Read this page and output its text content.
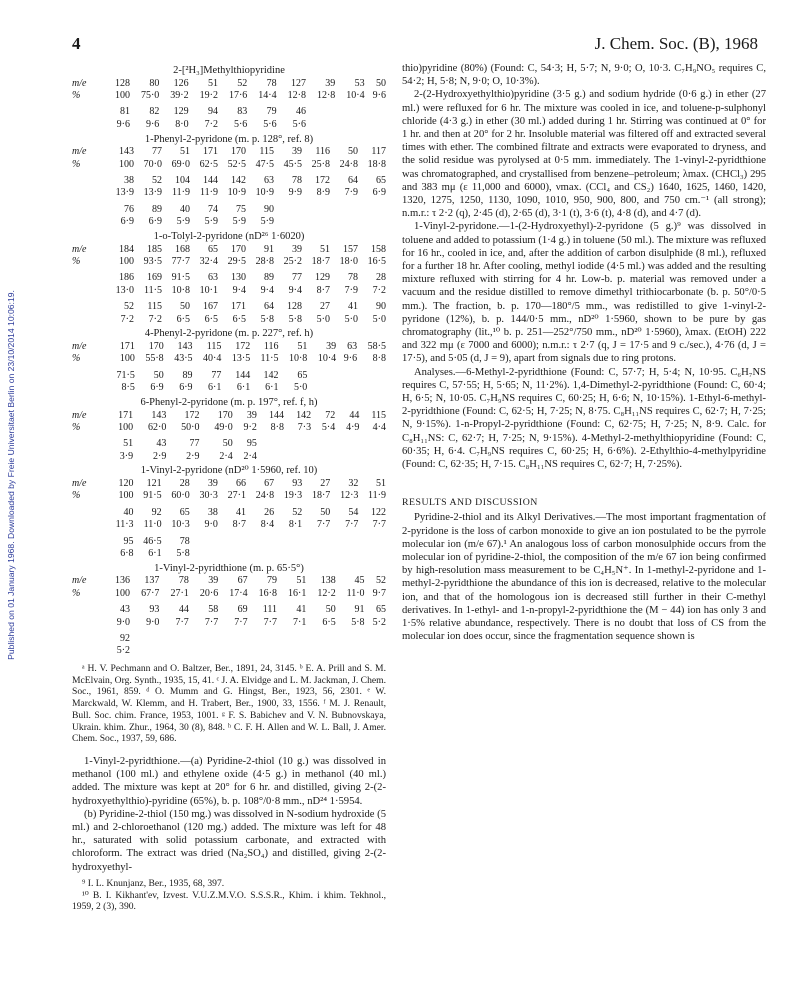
Published on 01 January 1968. Downloaded by Freie Universitaet Berlin on 23/10/2014 10:06:19.
4	J. Chem. Soc. (B), 1968
2-[²H₃]Methylthiopyridine
m/e	128	80	126	51	52	78	127	39	53	50
%	100	75·0	39·2	19·2	17·6	14·4	12·8	12·8	10·4	9·6

	81	82	129	94	83	79	46			
	9·6	9·6	8·0	7·2	5·6	5·6	5·6			
1-Phenyl-2-pyridone (m. p. 128°, ref. 8)
m/e	143	77	51	171	170	115	39	116	50	117
%	100	70·0	69·0	62·5	52·5	47·5	45·5	25·8	24·8	18·8

	38	52	104	144	142	63	78	172	64	65
	13·9	13·9	11·9	11·9	10·9	10·9	9·9	8·9	7·9	6·9

	76	89	40	74	75	90				
	6·9	6·9	5·9	5·9	5·9	5·9				
1-o-Tolyl-2-pyridone (nD²⁶ 1·6020)
m/e	184	185	168	65	170	91	39	51	157	158
%	100	93·5	77·7	32·4	29·5	28·8	25·2	18·7	18·0	16·5

	186	169	91·5	63	130	89	77	129	78	28
	13·0	11·5	10·8	10·1	9·4	9·4	9·4	8·7	7·9	7·2

	52	115	50	167	171	64	128	27	41	90
	7·2	7·2	6·5	6·5	6·5	5·8	5·8	5·0	5·0	5·0
4-Phenyl-2-pyridone (m. p. 227°, ref. h)
m/e	171	170	143	115	172	116	51	39	63	58·5
%	100	55·8	43·5	40·4	13·5	11·5	10·8	10·4	9·6	8·8

	71·5	50	89	77	144	142	65			
	8·5	6·9	6·9	6·1	6·1	6·1	5·0			
6-Phenyl-2-pyridone (m. p. 197°, ref. f, h)
m/e	171	143	172	170	39	144	142	72	44	115
%	100	62·0	50·0	49·0	9·2	8·8	7·3	5·4	4·9	4·4

	51	43	77	50	95					
	3·9	2·9	2·9	2·4	2·4					
1-Vinyl-2-pyridone (nD²⁰ 1·5960, ref. 10)
m/e	120	121	28	39	66	67	93	27	32	51
%	100	91·5	60·0	30·3	27·1	24·8	19·3	18·7	12·3	11·9

	40	92	65	38	41	26	52	50	54	122
	11·3	11·0	10·3	9·0	8·7	8·4	8·1	7·7	7·7	7·7

	95	46·5	78							
	6·8	6·1	5·8							
1-Vinyl-2-pyridthione (m. p. 65·5°)
m/e	136	137	78	39	67	79	51	138	45	52
%	100	67·7	27·1	20·6	17·4	16·8	16·1	12·2	11·0	9·7

	43	93	44	58	69	111	41	50	91	65
	9·0	9·0	7·7	7·7	7·7	7·7	7·1	6·5	5·8	5·2

	92									
	5·2									
ᵃ H. V. Pechmann and O. Baltzer, Ber., 1891, 24, 3145. ᵇ E. A. Prill and S. M. McElvain, Org. Synth., 1935, 15, 41. ᶜ J. A. Elvidge and L. M. Jackman, J. Chem. Soc., 1961, 859. ᵈ O. Mumm and G. Hingst, Ber., 1923, 56, 2301. ᵉ W. Marckwald, W. Klemm, and H. Trabert, Ber., 1900, 33, 1556. ᶠ M. J. Renault, Bull. Soc. chim. France, 1953, 1001. ᵍ F. S. Babichev and V. N. Bubnovskaya, Ukrain. khim. Zhur., 1964, 30 (8), 848. ʰ C. F. H. Allen and W. L. Ball, J. Amer. Chem. Soc., 1937, 59, 686.

1-Vinyl-2-pyridthione.—(a) Pyridine-2-thiol (10 g.) was dissolved in methanol (100 ml.) and ethylene oxide (4·5 g.) in methanol (40 ml.) added. The mixture was kept at 20° for 6 hr. and distilled, giving 2-(2-hydroxyethylthio)-pyridine (65%), b. p. 108°/0·8 mm., nD²⁴ 1·5954.

(b) Pyridine-2-thiol (150 mg.) was dissolved in N-sodium hydroxide (5 ml.) and 2-chloroethanol (120 mg.) added. The mixture was left for 48 hr., saturated with solid potassium carbonate, and extracted with chloroform. The extract was dried (Na₂SO₄) and distilled, giving 2-(2-hydroxyethyl-

⁹ I. L. Knunjanz, Ber., 1935, 68, 397.
¹⁰ B. I. Kikhant'ev, Izvest. V.U.Z.M.V.O. S.S.S.R., Khim. i khim. Tekhnol., 1959, 2 (3), 390.

thio)pyridine (80%) (Found: C, 54·3; H, 5·7; N, 9·0; O, 10·3. C₇H₉NO₅ requires C, 54·2; H, 5·8; N, 9·0; O, 10·3%).

2-(2-Hydroxyethylthio)pyridine (3·5 g.) and sodium hydride (0·6 g.) in ether (27 ml.) were refluxed for 6 hr. The mixture was cooled in ice, and toluene-p-sulphonyl chloride (4·3 g.) in ether (30 ml.) added during 1 hr. Stirring was continued at 0° for 1 hr. and then at 20° for 2 hr. Insoluble material was filtered off and extracted several times with ether. The combined filtrate and extracts were evaporated to dryness, and the solid residue was pyrolysed at 0·5 mm. immediately. The 1-vinyl-2-pyridthione was chromatographed, and crystallised from benzene–petroleum; λmax. (CHCl₃) 295 and 383 mμ (ε 11,000 and 6000), νmax. (CCl₄ and CS₂) 1640, 1625, 1460, 1420, 1320, 1275, 1250, 1130, 1090, 1010, 950, 900, 800, and 750 cm.⁻¹ (all strong); n.m.r.: τ 2·2 (q), 2·45 (d), 2·65 (d), 3·1 (t), 3·6 (t), 4·8 (d), and 4·7 (d).

1-Vinyl-2-pyridone.—1-(2-Hydroxyethyl)-2-pyridone (5 g.)⁹ was dissolved in toluene and added to potassium (1·4 g.) in toluene (50 ml.). The mixture was refluxed for 16 hr., cooled in ice, and, after the addition of carbon disulphide (8 ml.), refluxed for a further 18 hr. After cooling, methyl iodide (4·5 ml.) was added and the resulting mixture refluxed with stirring for 4 hr. Low-b. p. material was removed under a vacuum and the residue distilled to remove dimethyl trithiocarbonate (b. p. 50°/0·5 mm.). The fraction, b. p. 170—180°/5 mm., was redistilled to give 1-vinyl-2-pyridone (12%), b. p. 144/0·5 mm., nD²⁰ 1·5960, shown to be pure by gas chromatography (lit.,¹⁰ b. p. 251—252°/750 mm., nD²⁰ 1·5960), λmax. (EtOH) 222 and 322 mμ (ε 7000 and 6000); n.m.r.: τ 2·7 (q, J = 17·5 and 9 c./sec.), 4·76 (d, J = 17·5), and 5·05 (d, J = 9), apart from signals due to ring protons.

Analyses.—6-Methyl-2-pyridthione (Found: C, 57·7; H, 5·4; N, 10·95. C₆H₇NS requires C, 57·55; H, 5·65; N, 11·2%). 1,4-Dimethyl-2-pyridthione (Found: C, 60·4; H, 6·5; N, 10·05. C₇H₉NS requires C, 60·25; H, 6·6; N, 10·15%). 1-Ethyl-6-methyl-2-pyridthione (Found: C, 62·5; H, 7·25; N, 8·75. C₈H₁₁NS requires C, 62·7; H, 7·25; N, 9·15%). 1-n-Propyl-2-pyridthione (Found: C, 62·75; H, 7·25; N, 8·9. Calc. for C₈H₁₁NS: C, 62·7; H, 7·25; N, 9·15%). 4-Methyl-2-methylthiopyridine (Found: C, 60·35; H, 6·4. C₇H₉NS requires C, 60·25; H, 6·6%). 2-Ethylthio-4-methylpyridine (Found: C, 62·35; H, 7·15. C₈H₁₁NS requires C, 62·7; H, 7·25%).

RESULTS AND DISCUSSION

Pyridine-2-thiol and its Alkyl Derivatives.—The most important fragmentation of 2-pyridone is the loss of carbon monoxide to give an ion postulated to be the pyrrole molecular ion (m/e 67).¹ An analogous loss of carbon monosulphide occurs from the molecular ion of pyridine-2-thiol, the composition of the m/e 67 ion being confirmed by high-resolution mass measurement to be C₄H₅N⁺. In 1-methyl-2-pyridone and 1-methyl-2-pyridthione the abundance of this ion is decreased, relative to the molecular ion, and that of the homologous ion is decreased still further in their C-methyl derivatives. In 1-ethyl- and 1-n-propyl-2-pyridthione the (M − 44) ion has only 3 and 1·5% relative abundance, respectively. There is no doubt that loss of CS from the molecular ion does occur, since the fragmentation sequence shown is
